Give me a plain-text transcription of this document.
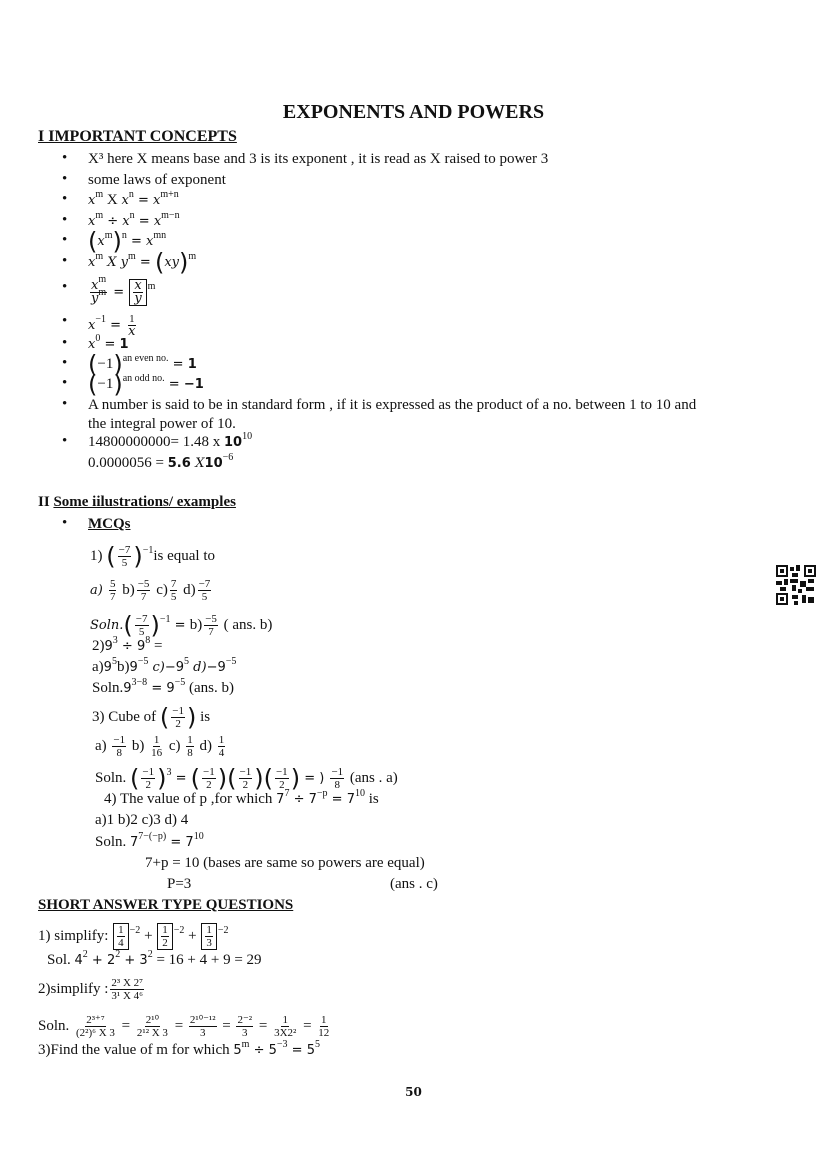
EXPONENTS AND POWERS
I IMPORTANT CONCEPTS
• X³ here X means base and 3 is its exponent , it is read as X raised to power 3
• some laws of exponent
• $x^m$ X $x^n = x^{m+n}$
• $x^m \div x^n = x^{m-n}$
• $(x^m)^n = x^{mn}$
• $x^m$ X $y^m = (xy)^m$
• $\frac{x^m}{y^m} = \frac{x}{y} ^m$
• $x^{-1} = \frac{1}{x}$
• $x^0 = 1$
• $(-1)^{an even no.} = 1$
• $(-1)^{an odd no.} = -1$
• A number is said to be in standard form , if it is expressed as the product of a no. between 1 to 10 and
the integral power of 10.
• 14800000000= 1.48 x $10^{10}$
0.0000056 = 5.6 $X10^{-6}$
II Some iilustrations/ examples
• MCQs
1) ( $\frac{-7}{5} )^{-1}is$ equal to
$a) \frac{5}{7} b) \frac{-5}{7} c) \frac{7}{5} d) \frac{-7}{5}$
$Soln.( \frac{-7}{5} )^{-1} = b) \frac{-5}{7}$ ( ans. b)
$2)9^3 \div 9^8$ =
$a)9^5b)9^{-5}$ $c)-9^5$ $d)-9^{-5}$
$Soln.9^{3-8} = 9^{-5}$ (ans. b)
3) Cube of ( $\frac{-1}{2}$ ) is
$a) \frac{-1}{8} b) \frac{1}{16} c) \frac{1}{8} d) \frac{1}{4}$
Soln. ( $\frac{-1}{2} )^3$ = ( $\frac{-1}{2}$ )( $\frac{-1}{2}$ )( $\frac{-1}{2}$ ) = ) $\frac{-1}{8} (ans$ . a)
4) The value of p ,for which $7^7 \div 7^{-p} = 7^{10}$ is
a)1 b)2 c)3 d) 4
Soln. $7^{7-(-p)} = 7^{10}$
7+p = 10 (bases are same so powers are equal)
P=3	(ans . c)
SHORT ANSWER TYPE QUESTIONS
1) simplify: $\frac{1}{4} ^{-2} + \frac{1}{2} ^{-2} + \frac{1}{3} ^{-2}$
Sol. $4^2 + 2^2 + 3^2 = 16 + 4 + 9 = 29$
2)simplify : $\frac{\text{2³ X 2⁷}}{\text{3¹ X 4⁶}}$
Soln. $\frac{\text{2³⁺⁷}}{\text{(2²)⁶ X 3}} = \frac{\text{2¹⁰}}{\text{2¹² X 3}} = \frac{\text{2¹⁰⁻¹²}}{3} = \frac{\text{2⁻²}}{3} = \frac{1}{\text{3X2²}} = \frac{1}{12}$
3)Find the value of m for which $5^m \div 5^{-3} = 5^5$
50
